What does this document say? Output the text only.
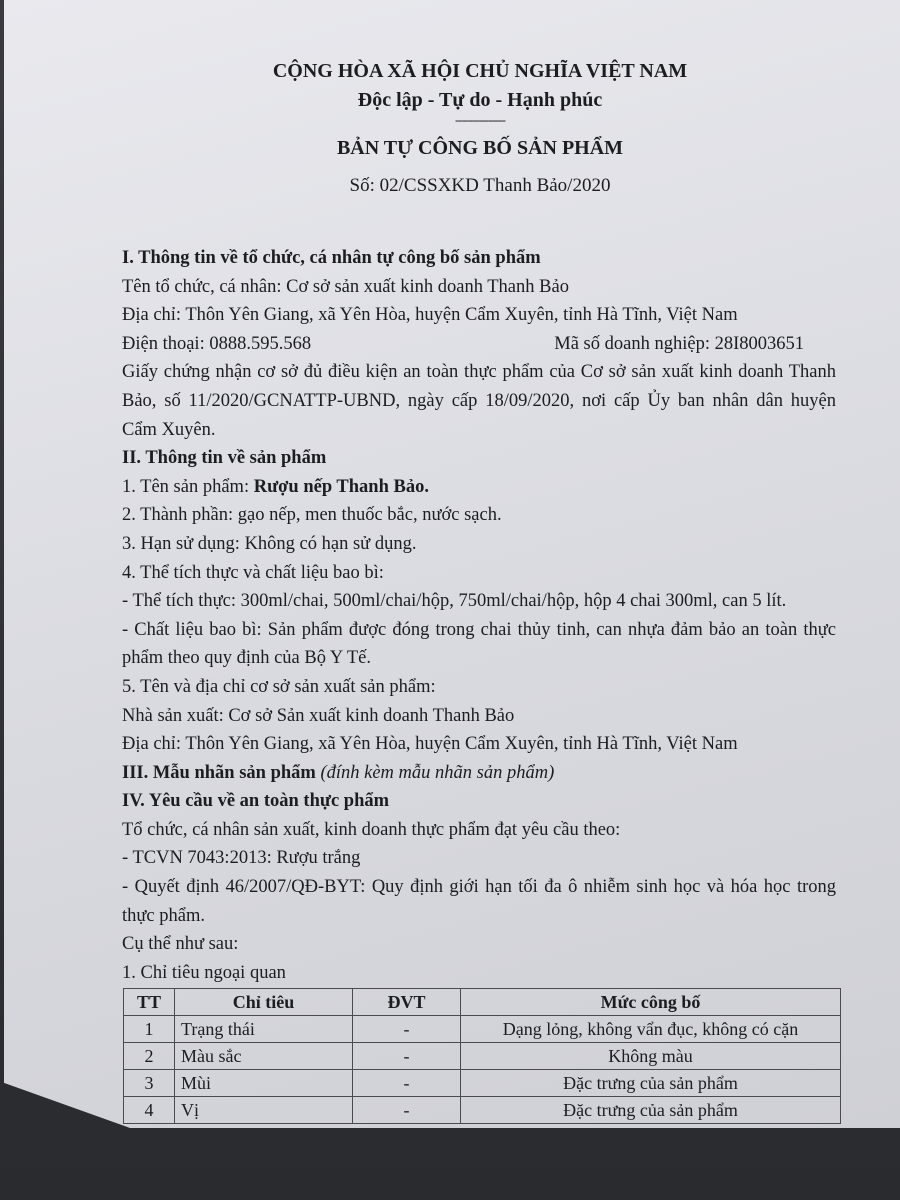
CỘNG HÒA XÃ HỘI CHỦ NGHĨA VIỆT NAM
Độc lập - Tự do - Hạnh phúc
---------------
BẢN TỰ CÔNG BỐ SẢN PHẨM
Số: 02/CSSXKD Thanh Bảo/2020
I. Thông tin về tổ chức, cá nhân tự công bố sản phẩm
Tên tổ chức, cá nhân: Cơ sở sản xuất kinh doanh Thanh Bảo
Địa chỉ: Thôn Yên Giang, xã Yên Hòa, huyện Cẩm Xuyên, tỉnh Hà Tĩnh, Việt Nam
Điện thoại: 0888.595.568	Mã số doanh nghiệp: 28I8003651
Giấy chứng nhận cơ sở đủ điều kiện an toàn thực phẩm của Cơ sở sản xuất kinh doanh Thanh Bảo, số 11/2020/GCNATTP-UBND, ngày cấp 18/09/2020, nơi cấp Ủy ban nhân dân huyện Cẩm Xuyên.
II. Thông tin về sản phẩm
1. Tên sản phẩm: Rượu nếp Thanh Bảo.
2. Thành phần: gạo nếp, men thuốc bắc, nước sạch.
3. Hạn sử dụng: Không có hạn sử dụng.
4. Thể tích thực và chất liệu bao bì:
- Thể tích thực: 300ml/chai, 500ml/chai/hộp, 750ml/chai/hộp, hộp 4 chai 300ml, can 5 lít.
- Chất liệu bao bì: Sản phẩm được đóng trong chai thủy tinh, can nhựa đảm bảo an toàn thực phẩm theo quy định của Bộ Y Tế.
5. Tên và địa chỉ cơ sở sản xuất sản phẩm:
Nhà sản xuất: Cơ sở Sản xuất kinh doanh Thanh Bảo
Địa chỉ: Thôn Yên Giang, xã Yên Hòa, huyện Cẩm Xuyên, tỉnh Hà Tĩnh, Việt Nam
III. Mẫu nhãn sản phẩm (đính kèm mẫu nhãn sản phẩm)
IV. Yêu cầu về an toàn thực phẩm
Tổ chức, cá nhân sản xuất, kinh doanh thực phẩm đạt yêu cầu theo:
- TCVN 7043:2013: Rượu trắng
- Quyết định 46/2007/QĐ-BYT: Quy định giới hạn tối đa ô nhiễm sinh học và hóa học trong thực phẩm.
Cụ thể như sau:
1. Chỉ tiêu ngoại quan
TT	Chỉ tiêu	ĐVT	Mức công bố
1	Trạng thái	-	Dạng lỏng, không vẩn đục, không có cặn
2	Màu sắc	-	Không màu
3	Mùi	-	Đặc trưng của sản phẩm
4	Vị	-	Đặc trưng của sản phẩm
